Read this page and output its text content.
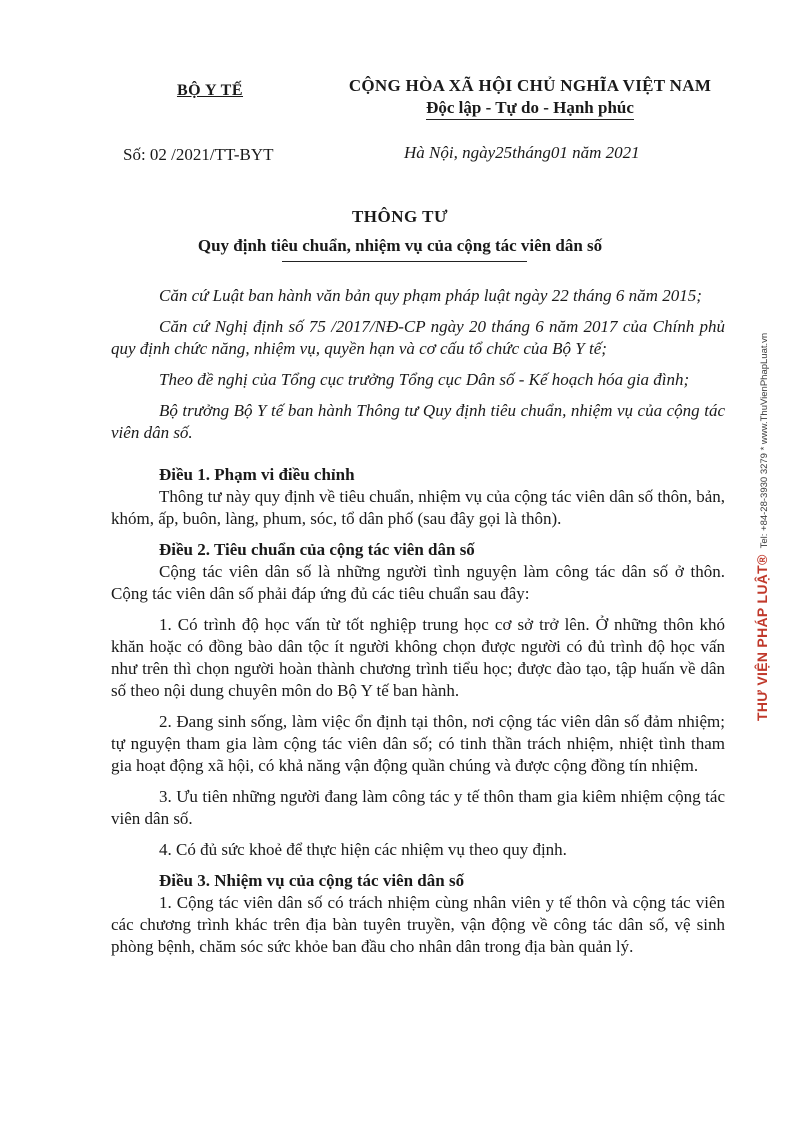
BỘ Y TẾ	CỘNG HÒA XÃ HỘI CHỦ NGHĨA VIỆT NAM
Độc lập - Tự do - Hạnh phúc
Số: 02 /2021/TT-BYT	Hà Nội, ngày25tháng01 năm 2021
THÔNG TƯ
Quy định tiêu chuẩn, nhiệm vụ của cộng tác viên dân số

Căn cứ Luật ban hành văn bản quy phạm pháp luật ngày 22 tháng 6 năm 2015;

Căn cứ Nghị định số 75 /2017/NĐ-CP ngày 20 tháng 6 năm 2017 của Chính phủ quy định chức năng, nhiệm vụ, quyền hạn và cơ cấu tổ chức của Bộ Y tế;

Theo đề nghị của Tổng cục trưởng Tổng cục Dân số - Kế hoạch hóa gia đình;

Bộ trưởng Bộ Y tế ban hành Thông tư Quy định tiêu chuẩn, nhiệm vụ của cộng tác viên dân số.

Điều 1. Phạm vi điều chỉnh

Thông tư này quy định về tiêu chuẩn, nhiệm vụ của cộng tác viên dân số thôn, bản, khóm, ấp, buôn, làng, phum, sóc, tổ dân phố (sau đây gọi là thôn).

Điều 2. Tiêu chuẩn của cộng tác viên dân số

Cộng tác viên dân số là những người tình nguyện làm công tác dân số ở thôn. Cộng tác viên dân số phải đáp ứng đủ các tiêu chuẩn sau đây:

1. Có trình độ học vấn từ tốt nghiệp trung học cơ sở trở lên. Ở những thôn khó khăn hoặc có đồng bào dân tộc ít người không chọn được người có đủ trình độ học vấn như trên thì chọn người hoàn thành chương trình tiểu học; được đào tạo, tập huấn về dân số theo nội dung chuyên môn do Bộ Y tế ban hành.

2. Đang sinh sống, làm việc ổn định tại thôn, nơi cộng tác viên dân số đảm nhiệm; tự nguyện tham gia làm cộng tác viên dân số; có tinh thần trách nhiệm, nhiệt tình tham gia hoạt động xã hội, có khả năng vận động quần chúng và được cộng đồng tín nhiệm.

3. Ưu tiên những người đang làm công tác y tế thôn tham gia kiêm nhiệm cộng tác viên dân số.

4. Có đủ sức khoẻ để thực hiện các nhiệm vụ theo quy định.

Điều 3. Nhiệm vụ của cộng tác viên dân số

1. Cộng tác viên dân số có trách nhiệm cùng nhân viên y tế thôn và cộng tác viên các chương trình khác trên địa bàn tuyên truyền, vận động về công tác dân số, vệ sinh phòng bệnh, chăm sóc sức khỏe ban đầu cho nhân dân trong địa bàn quản lý.

THƯ VIỆN PHÁP LUẬT®Tel: +84-28-3930 3279 * www.ThuVienPhapLuat.vn
